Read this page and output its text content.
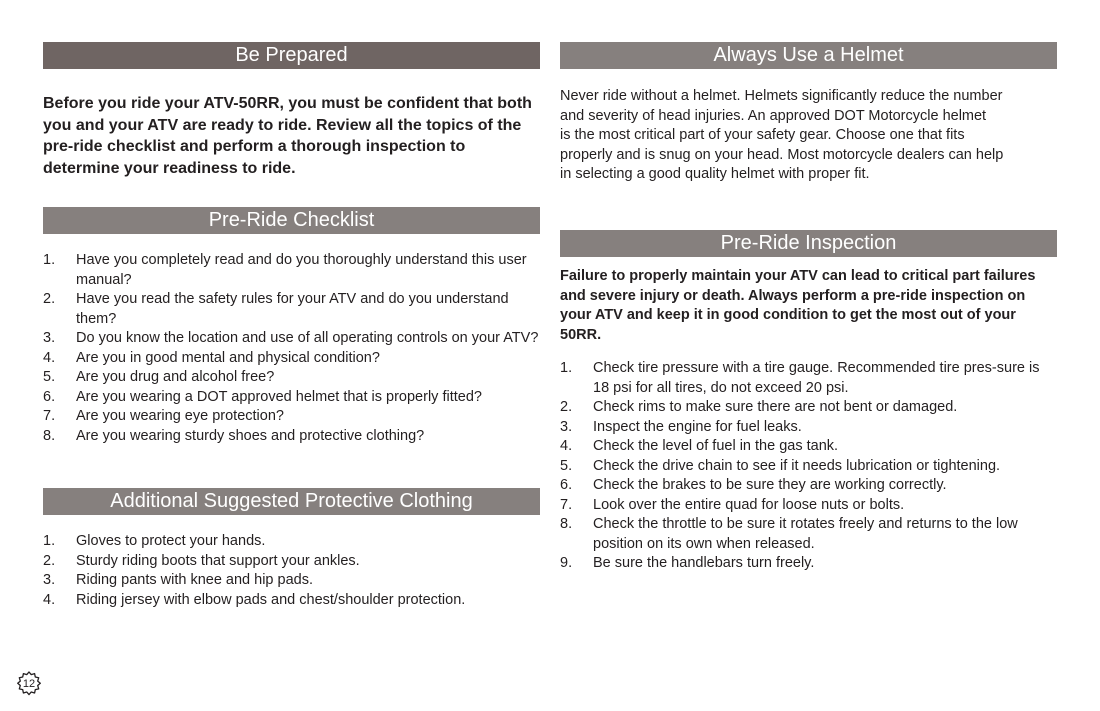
Be Prepared
Before you ride your ATV-50RR, you must be confident that both you and your ATV are ready to ride. Review all the topics of the pre-ride checklist and perform a thorough inspection to determine your readiness to ride.
Pre-Ride Checklist
1. Have you completely read and do you thoroughly understand this user manual?
2. Have you read the safety rules for your ATV and do you understand them?
3. Do you know the location and use of all operating controls on your ATV?
4. Are you in good mental and physical condition?
5. Are you drug and alcohol free?
6. Are you wearing a DOT approved helmet that is properly fitted?
7. Are you wearing eye protection?
8. Are you wearing sturdy shoes and protective clothing?
Additional Suggested Protective Clothing
1. Gloves to protect your hands.
2. Sturdy riding boots that support your ankles.
3. Riding pants with knee and hip pads.
4. Riding jersey with elbow pads and chest/shoulder protection.
Always Use a Helmet
Never ride without a helmet. Helmets significantly reduce the number
and severity of head injuries. An approved DOT Motorcycle helmet
is the most critical part of your safety gear. Choose one that fits
properly and is snug on your head. Most motorcycle dealers can help
in selecting a good quality helmet with proper fit.
Pre-Ride Inspection
Failure to properly maintain your ATV can lead to critical part failures and severe injury or death. Always perform a pre-ride inspection on your ATV and keep it in good condition to get the most out of your 50RR.
1. Check tire pressure with a tire gauge. Recommended tire pres-sure is 18 psi for all tires, do not exceed 20 psi.
2. Check rims to make sure there are not bent or damaged.
3. Inspect the engine for fuel leaks.
4. Check the level of fuel in the gas tank.
5. Check the drive chain to see if it needs lubrication or tightening.
6. Check the brakes to be sure they are working correctly.
7. Look over the entire quad for loose nuts or bolts.
8. Check the throttle to be sure it rotates freely and returns to the low position on its own when released.
9. Be sure the handlebars turn freely.
12
